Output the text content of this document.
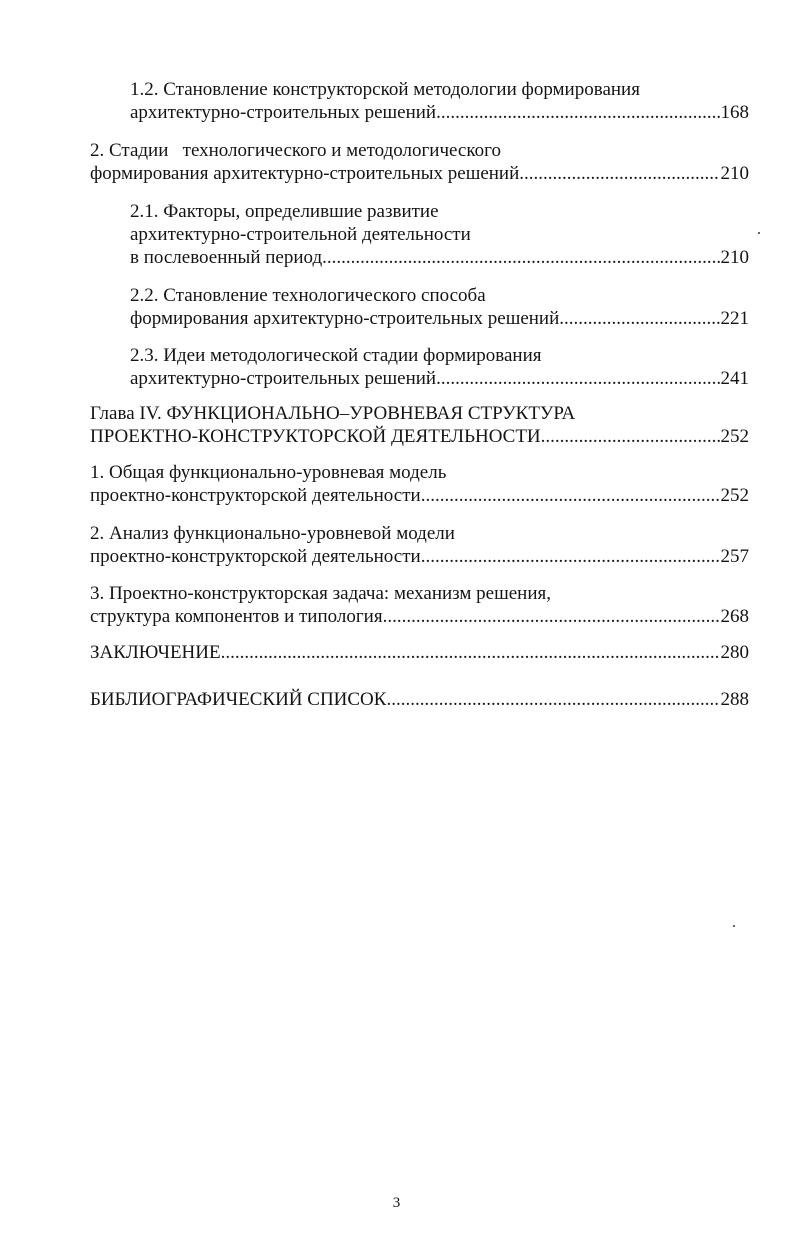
1.2. Становление конструкторской методологии формирования
архитектурно-строительных решений .....	168
2. Стадии   технологического и методологического
формирования архитектурно-строительных решений .....	210
2.1. Факторы, определившие развитие
архитектурно-строительной деятельности
в послевоенный период .....	210
2.2. Становление технологического способа
формирования архитектурно-строительных решений .....	221
2.3. Идеи методологической стадии формирования
архитектурно-строительных решений .....	241
Глава IV. ФУНКЦИОНАЛЬНО–УРОВНЕВАЯ СТРУКТУРА
ПРОЕКТНО-КОНСТРУКТОРСКОЙ ДЕЯТЕЛЬНОСТИ .....	252
1. Общая функционально-уровневая модель
проектно-конструкторской деятельности .....	252
2. Анализ функционально-уровневой модели
проектно-конструкторской деятельности .....	257
3. Проектно-конструкторская задача: механизм решения,
структура компонентов и типология .....	268
ЗАКЛЮЧЕНИЕ .....	280
БИБЛИОГРАФИЧЕСКИЙ СПИСОК .....	288
3
